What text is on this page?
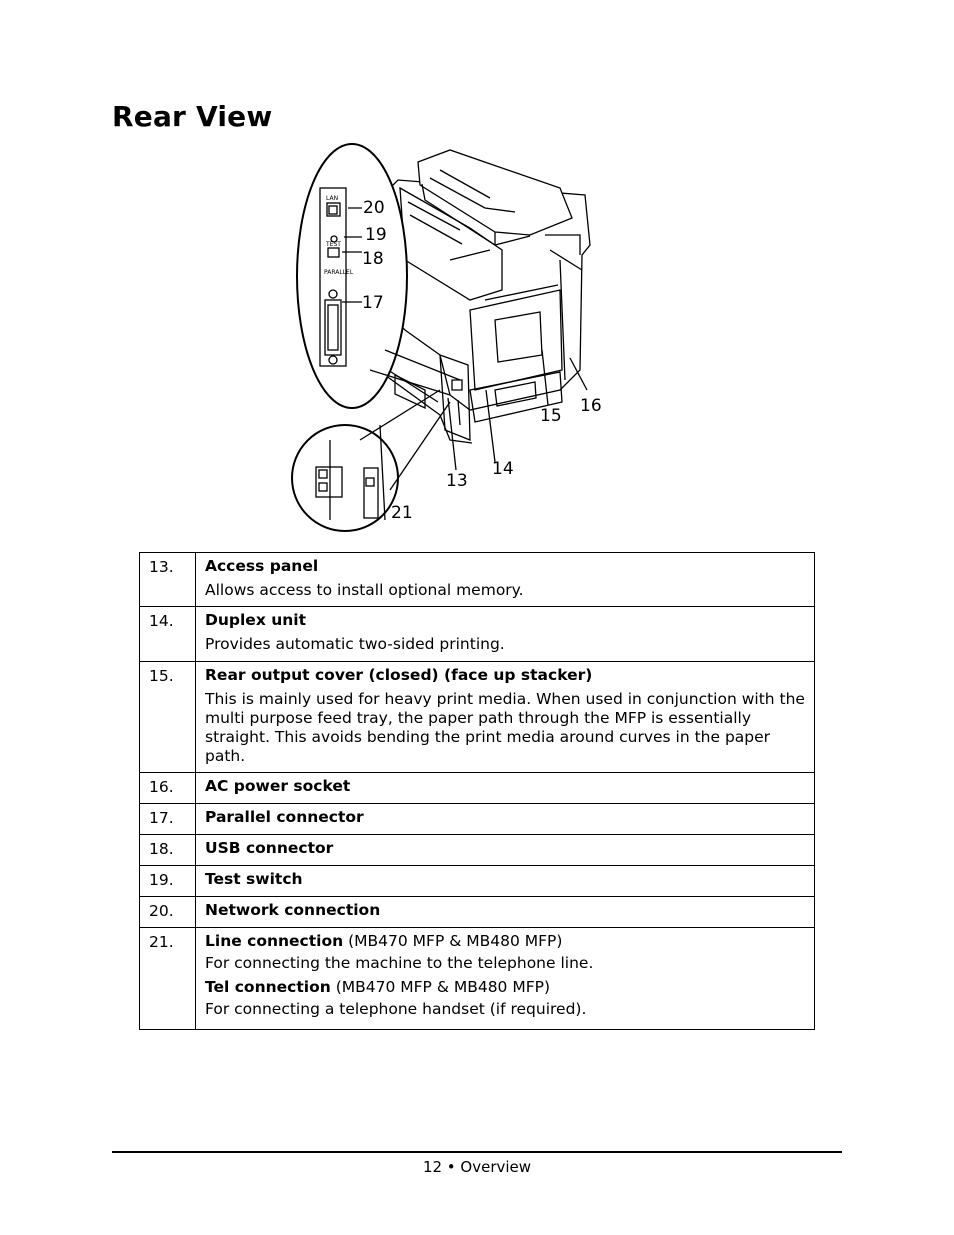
Rear View
LAN
TEST
PARALLEL
20
19
18
17
16
15
14
13
21
13.	Access panel
Allows access to install optional memory.

14.	Duplex unit
Provides automatic two-sided printing.

15.	Rear output cover (closed) (face up stacker)
This is mainly used for heavy print media. When used in conjunction with the multi purpose feed tray, the paper path through the MFP is essentially straight. This avoids bending the print media around curves in the paper path.

16.	AC power socket

17.	Parallel connector

18.	USB connector

19.	Test switch

20.	Network connection

21.	Line connection (MB470 MFP & MB480 MFP)
For connecting the machine to the telephone line.
Tel connection (MB470 MFP & MB480 MFP)
For connecting a telephone handset (if required).
12 • Overview
